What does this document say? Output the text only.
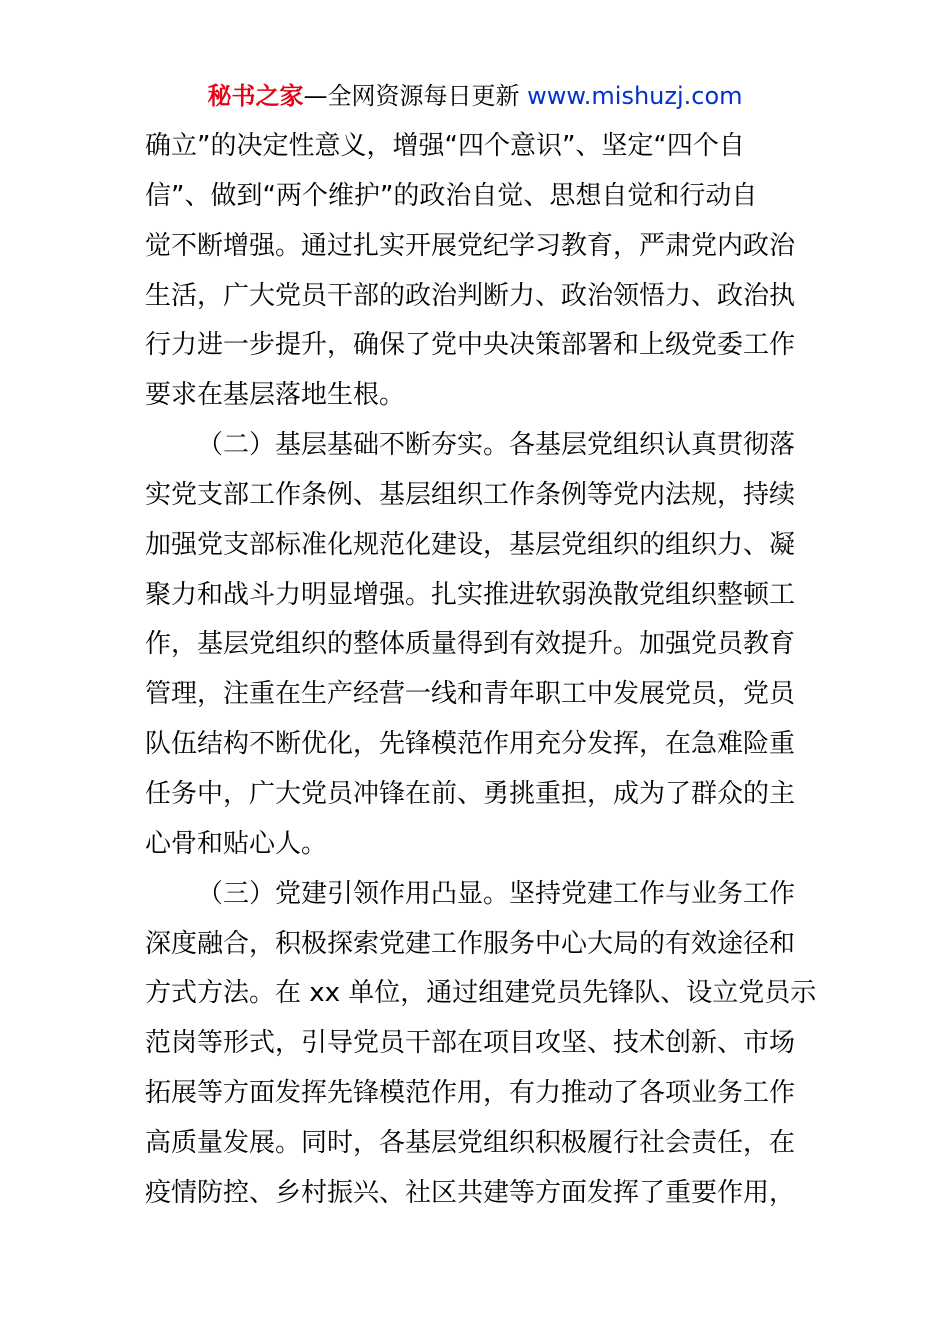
秘书之家—全网资源每日更新 www.mishuzj.com
确立”的决定性意义，增强“四个意识”、坚定“四个自
信”、做到“两个维护”的政治自觉、思想自觉和行动自
觉不断增强。通过扎实开展党纪学习教育，严肃党内政治
生活，广大党员干部的政治判断力、政治领悟力、政治执
行力进一步提升，确保了党中央决策部署和上级党委工作
要求在基层落地生根。
（二）基层基础不断夯实。各基层党组织认真贯彻落
实党支部工作条例、基层组织工作条例等党内法规，持续
加强党支部标准化规范化建设，基层党组织的组织力、凝
聚力和战斗力明显增强。扎实推进软弱涣散党组织整顿工
作，基层党组织的整体质量得到有效提升。加强党员教育
管理，注重在生产经营一线和青年职工中发展党员，党员
队伍结构不断优化，先锋模范作用充分发挥，在急难险重
任务中，广大党员冲锋在前、勇挑重担，成为了群众的主
心骨和贴心人。
（三）党建引领作用凸显。坚持党建工作与业务工作
深度融合，积极探索党建工作服务中心大局的有效途径和
方式方法。在 xx 单位，通过组建党员先锋队、设立党员示
范岗等形式，引导党员干部在项目攻坚、技术创新、市场
拓展等方面发挥先锋模范作用，有力推动了各项业务工作
高质量发展。同时，各基层党组织积极履行社会责任，在
疫情防控、乡村振兴、社区共建等方面发挥了重要作用，
